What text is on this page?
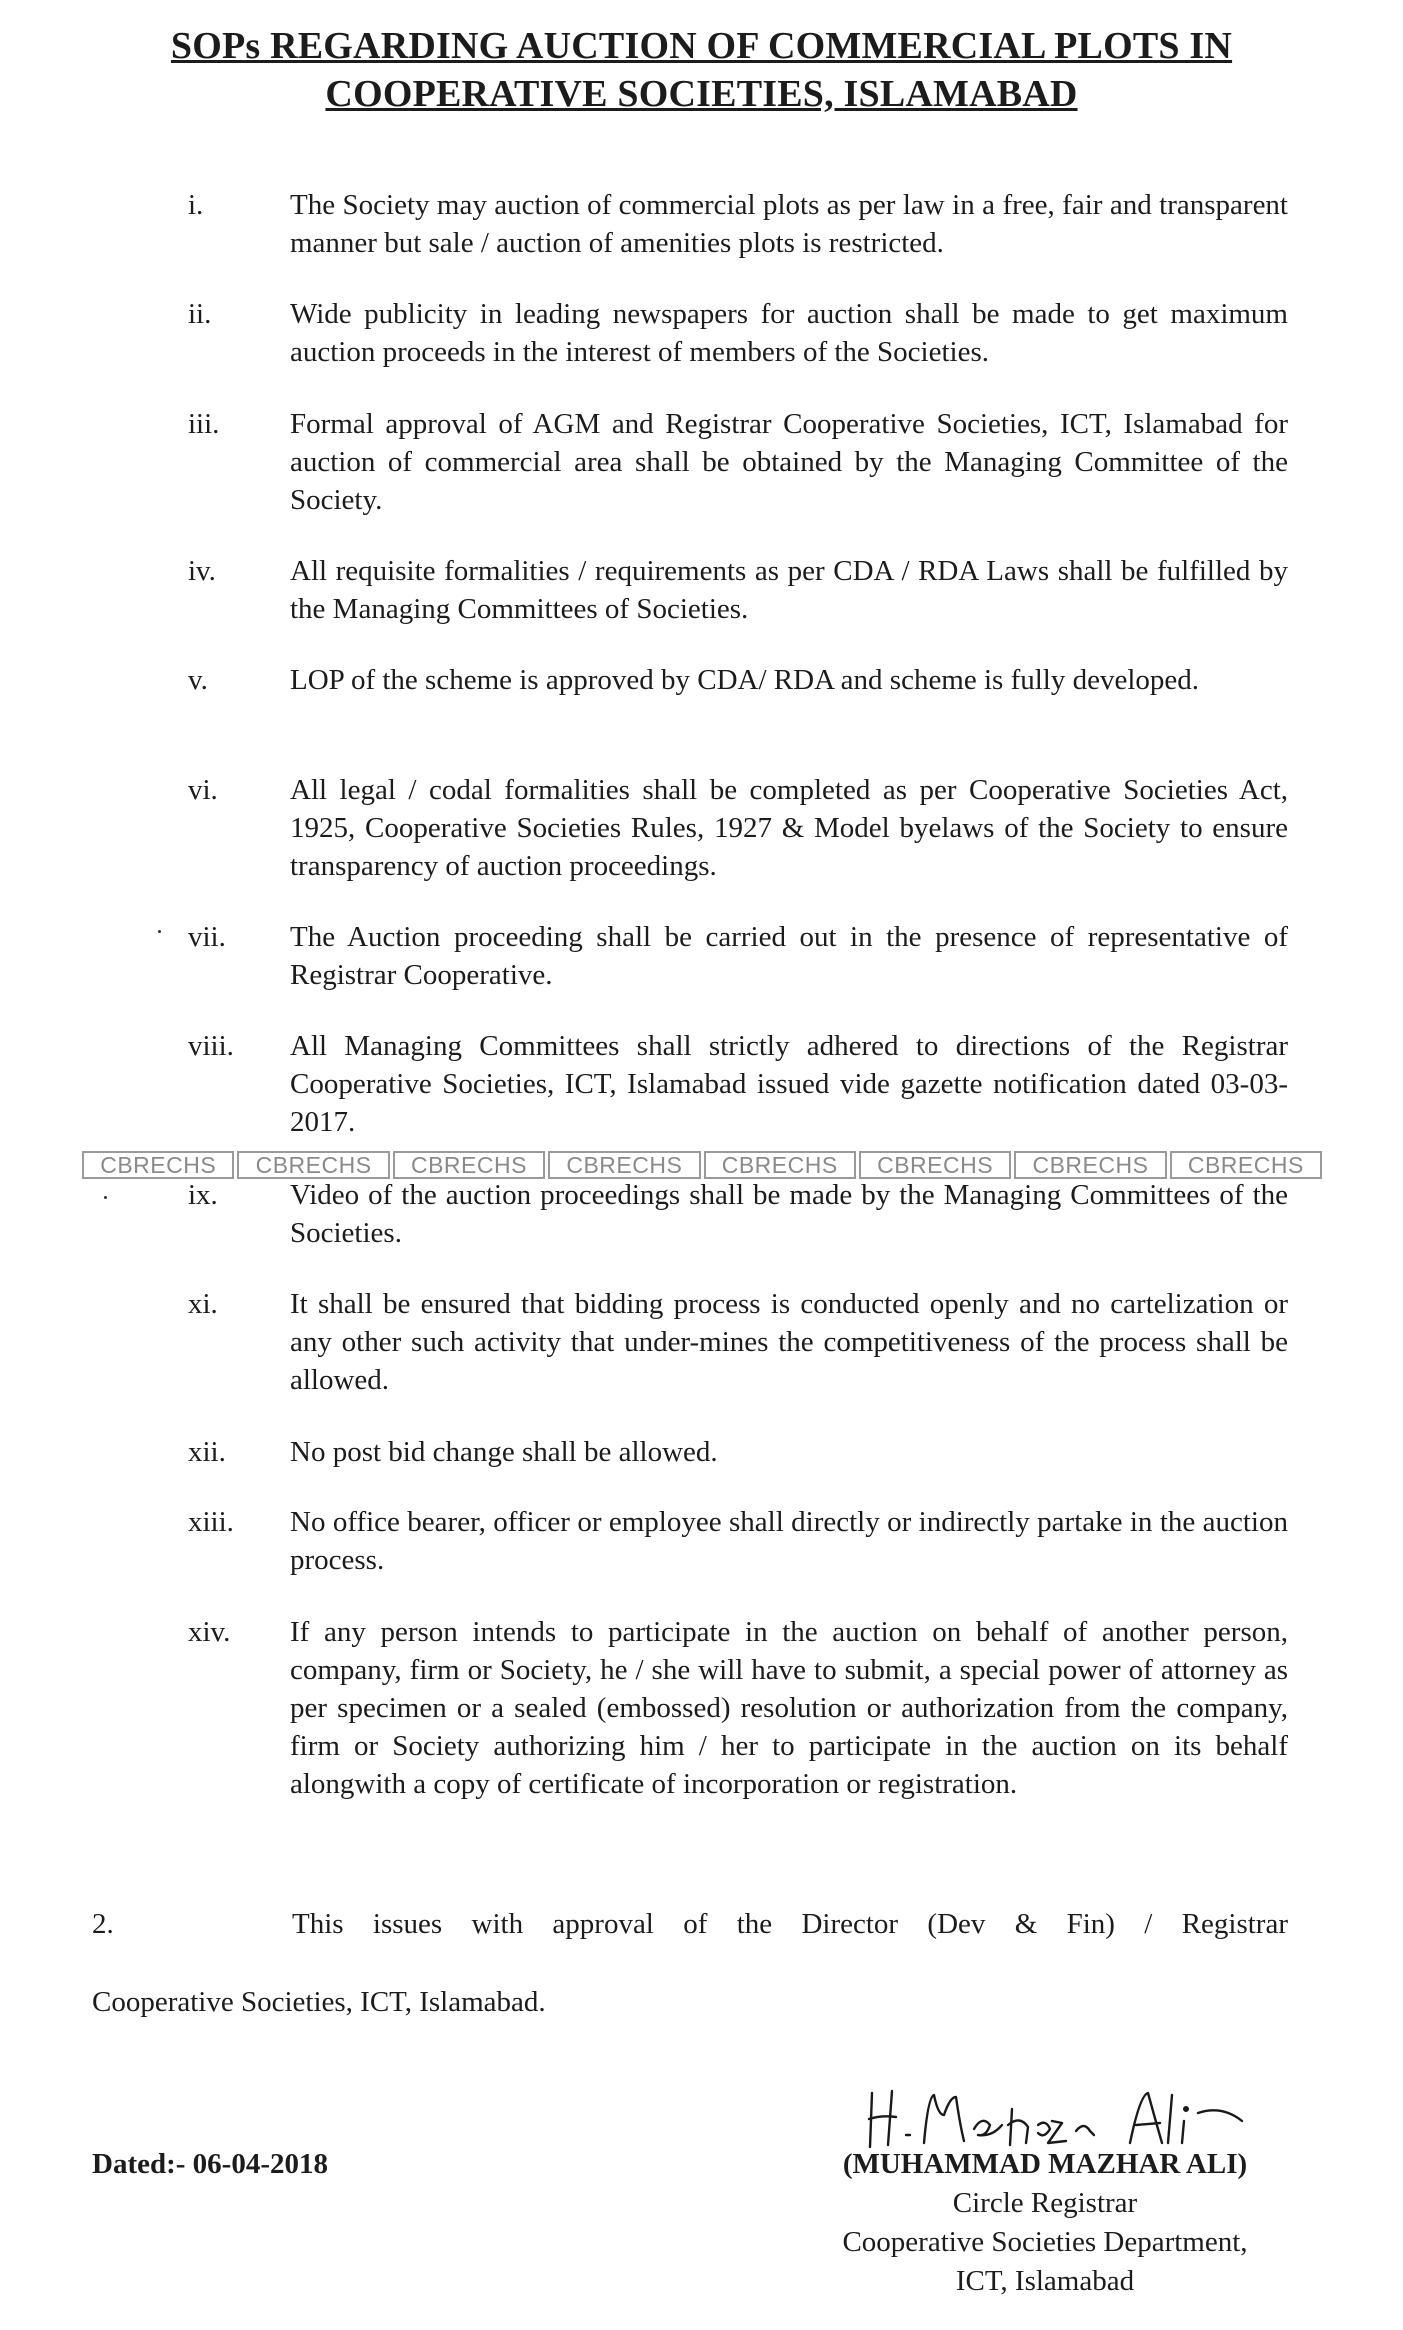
SOPs REGARDING AUCTION OF COMMERCIAL PLOTS IN
COOPERATIVE SOCIETIES, ISLAMABAD
i.	The Society may auction of commercial plots as per law in a free, fair and transparent manner but sale / auction of amenities plots is restricted.
ii.	Wide publicity in leading newspapers for auction shall be made to get maximum auction proceeds in the interest of members of the Societies.
iii. Formal approval of AGM and Registrar Cooperative Societies, ICT, Islamabad for auction of commercial area shall be obtained by the Managing Committee of the Society.
iv.	All requisite formalities / requirements as per CDA / RDA Laws shall be fulfilled by the Managing Committees of Societies.
v.	LOP of the scheme is approved by CDA/ RDA and scheme is fully developed.
vi. All legal / codal formalities shall be completed as per Cooperative Societies Act, 1925, Cooperative Societies Rules, 1927 & Model byelaws of the Society to ensure transparency of auction proceedings.
vii. The Auction proceeding shall be carried out in the presence of representative of Registrar Cooperative.
viii. All Managing Committees shall strictly adhered to directions of the Registrar Cooperative Societies, ICT, Islamabad issued vide gazette notification dated 03-03-2017.
ix. Video of the auction proceedings shall be made by the Managing Committees of the Societies.
xi. It shall be ensured that bidding process is conducted openly and no cartelization or any other such activity that under-mines the competitiveness of the process shall be allowed.
xii. No post bid change shall be allowed.
xiii. No office bearer, officer or employee shall directly or indirectly partake in the auction process.
xiv. If any person intends to participate in the auction on behalf of another person, company, firm or Society, he / she will have to submit, a special power of attorney as per specimen or a sealed (embossed) resolution or authorization from the company, firm or Society authorizing him / her to participate in the auction on its behalf alongwith a copy of certificate of incorporation or registration.
CBRECHS	CBRECHS	CBRECHS	CBRECHS	CBRECHS	CBRECHS	CBRECHS	CBRECHS
2.	This issues with approval of the Director (Dev & Fin) / Registrar
Cooperative Societies, ICT, Islamabad.
Dated:- 06-04-2018	(MUHAMMAD MAZHAR ALI)
Circle Registrar
Cooperative Societies Department,
ICT, Islamabad
